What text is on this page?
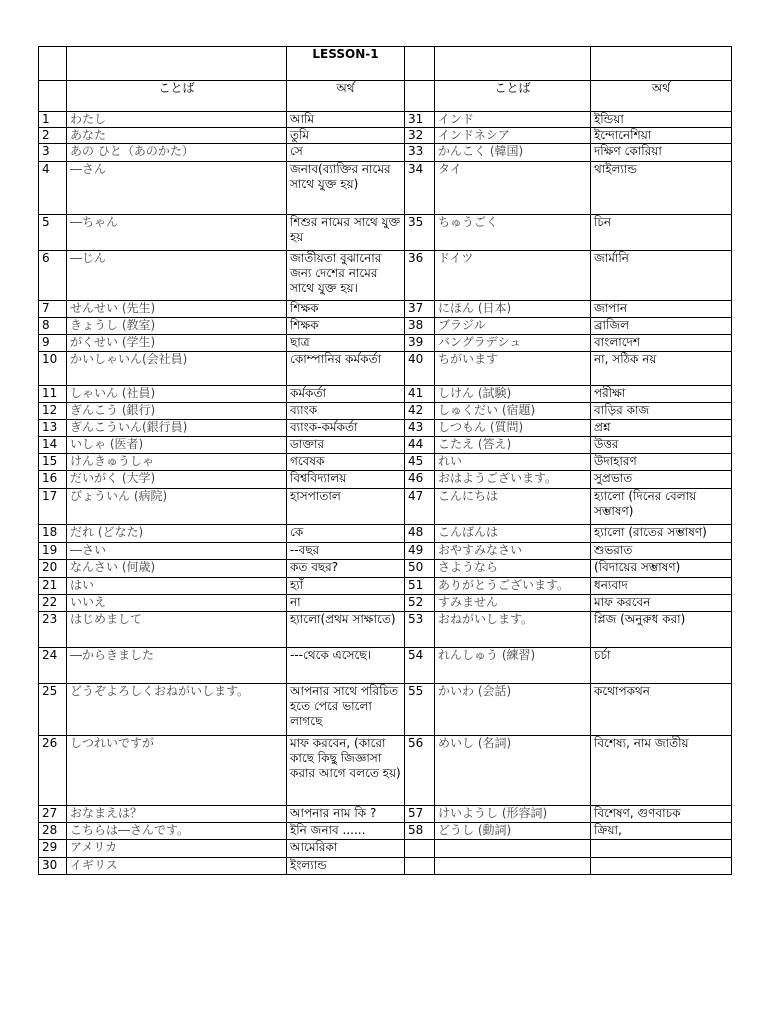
		LESSON-1			
	ことば	অর্থ		ことば	অর্থ
1	わたし	আমি	31	インド	ইন্ডিয়া
2	あなた	তুমি	32	インドネシア	ইন্দোনেশিয়া
3	あの ひと（あのかた）	সে	33	かんこく (韓国)	দক্ষিণ কোরিয়া
4	―さん	জনাব(ব্যাক্তির নামের সাথে যুক্ত হয়)	34	タイ	থাইল্যান্ড
5	―ちゃん	শিশুর নামের সাথে যুক্ত হয়	35	ちゅうごく	চিন
6	―じん	জাতীয়তা বুঝানোর জন্য দেশের নামের সাথে যুক্ত হয়।	36	ドイツ	জার্মানি
7	せんせい (先生)	শিক্ষক	37	にほん (日本)	জাপান
8	きょうし (教室)	শিক্ষক	38	ブラジル	ব্রাজিল
9	がくせい (学生)	ছাত্র	39	バングラデシュ	বাংলাদেশ
10	かいしゃいん(会社員)	কোম্পানির কর্মকর্তা	40	ちがいます	না, সঠিক নয়
11	しゃいん (社員)	কর্মকর্তা	41	しけん (試験)	পরীক্ষা
12	ぎんこう (銀行)	ব্যাংক	42	しゅくだい (宿題)	বাড়ির কাজ
13	ぎんこういん(銀行員)	ব্যাংক-কর্মকর্তা	43	しつもん (質問)	প্রশ্ন
14	いしゃ (医者)	ডাক্তার	44	こたえ (答え)	উত্তর
15	けんきゅうしゃ	গবেষক	45	れい	উদাহারণ
16	だいがく (大学)	বিশ্ববিদ্যালয়	46	おはようございます。	সুপ্রভাত
17	びょういん (病院)	হাসপাতাল	47	こんにちは	হ্যালো (দিনের বেলায় সম্ভাষণ)
18	だれ (どなた)	কে	48	こんばんは	হ্যালো (রাতের সম্ভাষণ)
19	―さい	--বছর	49	おやすみなさい	শুভরাত
20	なんさい (何歳)	কত বছর?	50	さようなら	(বিদায়ের সম্ভাষণ)
21	はい	হ্যাঁ	51	ありがとうございます。	ধন্যবাদ
22	いいえ	না	52	すみません	মাফ করবেন
23	はじめまして	হ্যালো(প্রথম সাক্ষাতে)	53	おねがいします。	প্লিজ (অনুরুধ করা)
24	―からきました	---থেকে এসেছে।	54	れんしゅう (練習)	চর্চা
25	どうぞよろしくおねがいします。	আপনার সাথে পরিচিত হতে পেরে ভালো লাগছে	55	かいわ (会話)	কথোপকথন
26	しつれいですが	মাফ করবেন, (কারো কাছে কিছু জিজ্ঞাসা করার আগে বলতে হয়)	56	めいし (名詞)	বিশেষ্য, নাম জাতীয়
27	おなまえは？	আপনার নাম কি ?	57	けいようし (形容詞)	বিশেষণ, গুণবাচক
28	こちらは―さんです。	ইনি জনাব ......	58	どうし (動詞)	ক্রিয়া,
29	アメリカ	আমেরিকা			
30	イギリス	ইংল্যান্ড			
